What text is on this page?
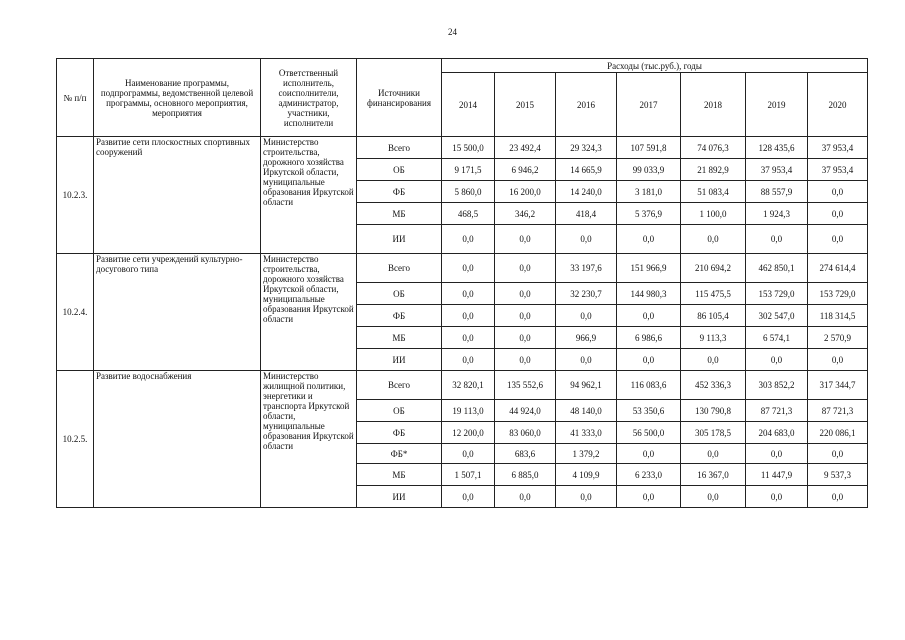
24
№ п/п	Наименование программы, подпрограммы, ведомственной целевой программы, основного мероприятия, мероприятия	Ответственный исполнитель, соисполнители, администратор, участники, исполнители	Источники финансирования	Расходы (тыс.руб.), годы						
				2014	2015	2016	2017	2018	2019	2020
10.2.3.	Развитие сети плоскостных спортивных сооружений	Министерство строительства, дорожного хозяйства Иркутской области, муниципальные образования Иркутской области	Всего	15 500,0	23 492,4	29 324,3	107 591,8	74 076,3	128 435,6	37 953,4
			ОБ	9 171,5	6 946,2	14 665,9	99 033,9	21 892,9	37 953,4	37 953,4
			ФБ	5 860,0	16 200,0	14 240,0	3 181,0	51 083,4	88 557,9	0,0
			МБ	468,5	346,2	418,4	5 376,9	1 100,0	1 924,3	0,0
			ИИ	0,0	0,0	0,0	0,0	0,0	0,0	0,0
10.2.4.	Развитие сети учреждений культурно-досугового типа	Министерство строительства, дорожного хозяйства Иркутской области, муниципальные образования Иркутской области	Всего	0,0	0,0	33 197,6	151 966,9	210 694,2	462 850,1	274 614,4
			ОБ	0,0	0,0	32 230,7	144 980,3	115 475,5	153 729,0	153 729,0
			ФБ	0,0	0,0	0,0	0,0	86 105,4	302 547,0	118 314,5
			МБ	0,0	0,0	966,9	6 986,6	9 113,3	6 574,1	2 570,9
			ИИ	0,0	0,0	0,0	0,0	0,0	0,0	0,0
10.2.5.	Развитие водоснабжения	Министерство жилищной политики, энергетики и транспорта Иркутской области, муниципальные образования Иркутской области	Всего	32 820,1	135 552,6	94 962,1	116 083,6	452 336,3	303 852,2	317 344,7
			ОБ	19 113,0	44 924,0	48 140,0	53 350,6	130 790,8	87 721,3	87 721,3
			ФБ	12 200,0	83 060,0	41 333,0	56 500,0	305 178,5	204 683,0	220 086,1
			ФБ*	0,0	683,6	1 379,2	0,0	0,0	0,0	0,0
			МБ	1 507,1	6 885,0	4 109,9	6 233,0	16 367,0	11 447,9	9 537,3
			ИИ	0,0	0,0	0,0	0,0	0,0	0,0	0,0
